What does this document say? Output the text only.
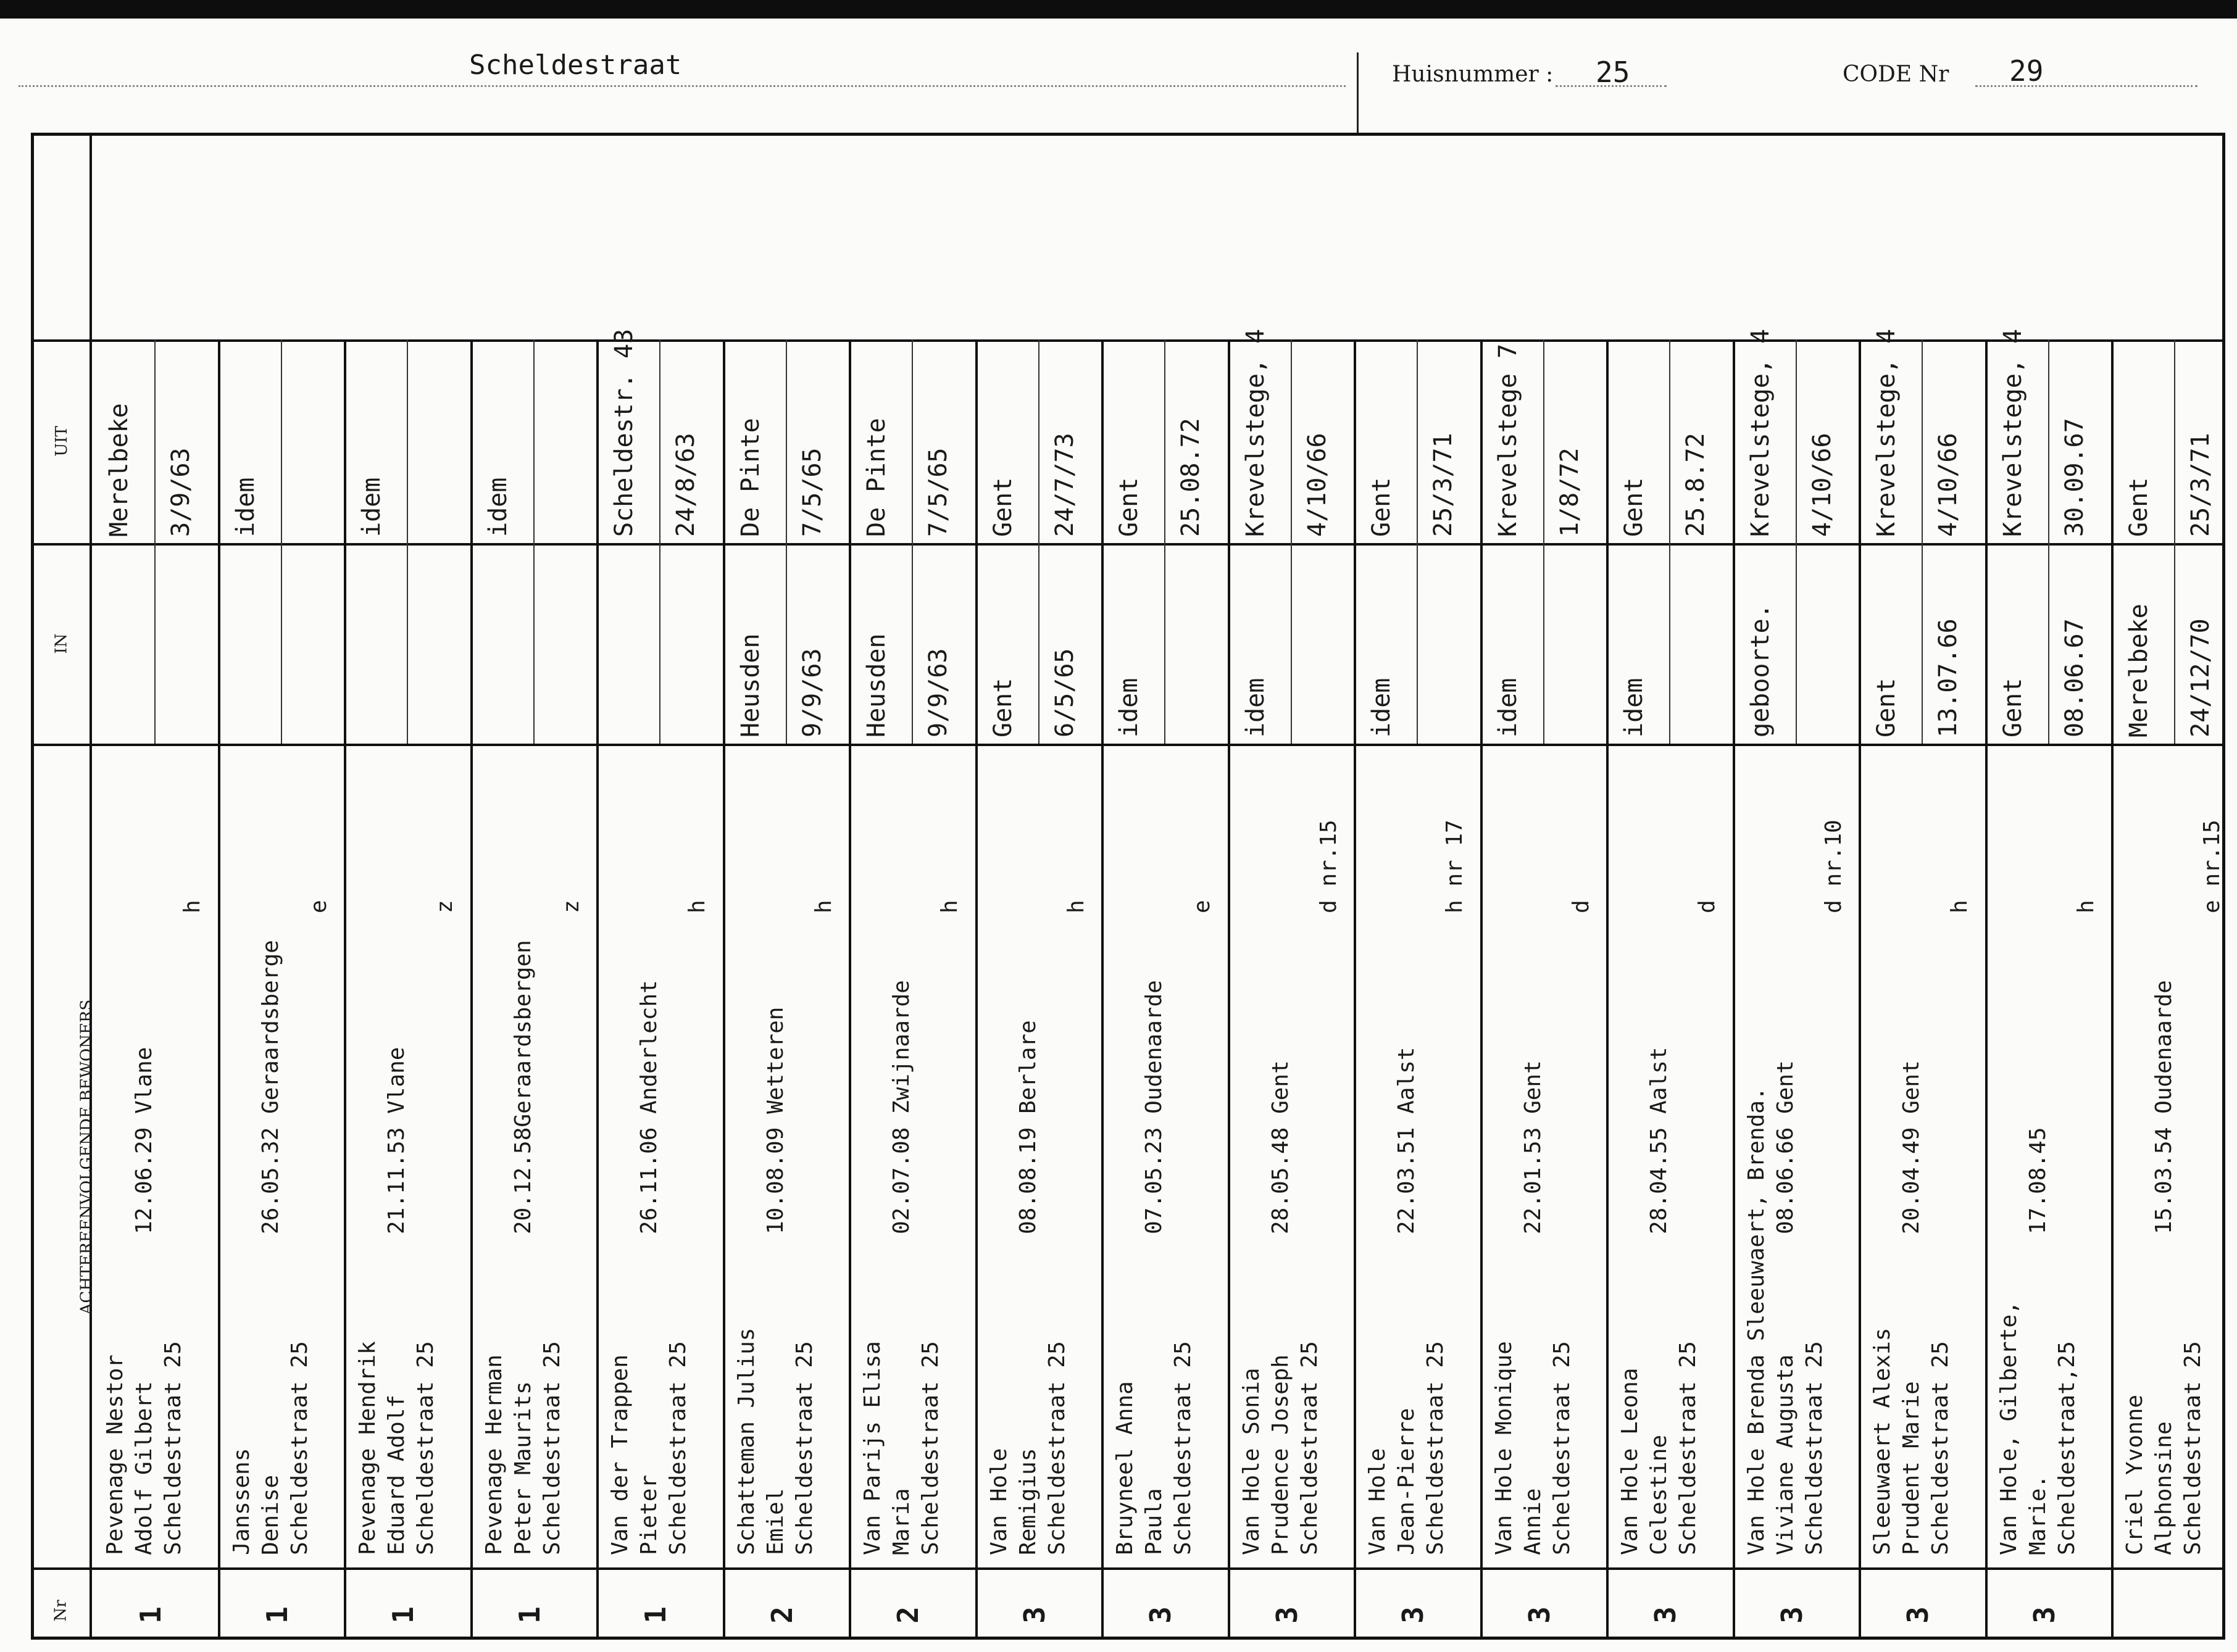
Scheldestraat	Huisnummer : 25	CODE Nr 29
UIT
IN
ACHTEREENVOLGENDE BEWONERS
Nr
Merelbeke 3/9/63
Pevenage Nestor Adolf Gilbert Scheldestraat 25
12.06.29 Vlane
h
1
idem
Janssens Denise Scheldestraat 25
26.05.32 Geraardsberge
e
1
idem
Pevenage Hendrik Eduard Adolf Scheldestraat 25
21.11.53 Vlane
z
1
idem
Pevenage Herman Peter Maurits Scheldestraat 25
20.12.58Geraardsbergen
z
1
Scheldestr. 43 24/8/63
Van der Trappen Pieter Scheldestraat 25
26.11.06 Anderlecht
h
1
De Pinte 7/5/65
Heusden 9/9/63
Schatteman Julius Emiel Scheldestraat 25
10.08.09 Wetteren
h
2
De Pinte 7/5/65
Heusden 9/9/63
Van Parijs Elisa Maria Scheldestraat 25
02.07.08 Zwijnaarde
h
2
Gent 24/7/73
Gent 6/5/65
Van Hole Remigius Scheldestraat 25
08.08.19 Berlare
h
3
Gent 25.08.72
idem
Bruyneel Anna Paula Scheldestraat 25
07.05.23 Oudenaarde
e
3
Krevelstege, 4 4/10/66
idem
Van Hole Sonia Prudence Joseph Scheldestraat 25
28.05.48 Gent
d nr.15
3
Gent 25/3/71
idem
Van Hole Jean-Pierre Scheldestraat 25
22.03.51 Aalst
h nr 17
3
Krevelstege 7 1/8/72
idem
Van Hole Monique Annie Scheldestraat 25
22.01.53 Gent
d
3
Gent 25.8.72
idem
Van Hole Leona Celestine Scheldestraat 25
28.04.55 Aalst
d
3
Krevelstege, 4 4/10/66
geboorte.
Van Hole Brenda Sleeuwaert, Brenda. Viviane Augusta Scheldestraat 25
08.06.66 Gent
d nr.10
3
Krevelstege, 4 4/10/66
Gent 13.07.66
Sleeuwaert Alexis Prudent Marie Scheldestraat 25
20.04.49 Gent
h
3
Krevelstege, 4 30.09.67
Gent 08.06.67
Van Hole, Gilberte, Marie. Scheldestraat,25
17.08.45
h
3
Gent 25/3/71
Merelbeke 24/12/70
Criel Yvonne Alphonsine Scheldestraat 25
15.03.54 Oudenaarde
e nr.15
